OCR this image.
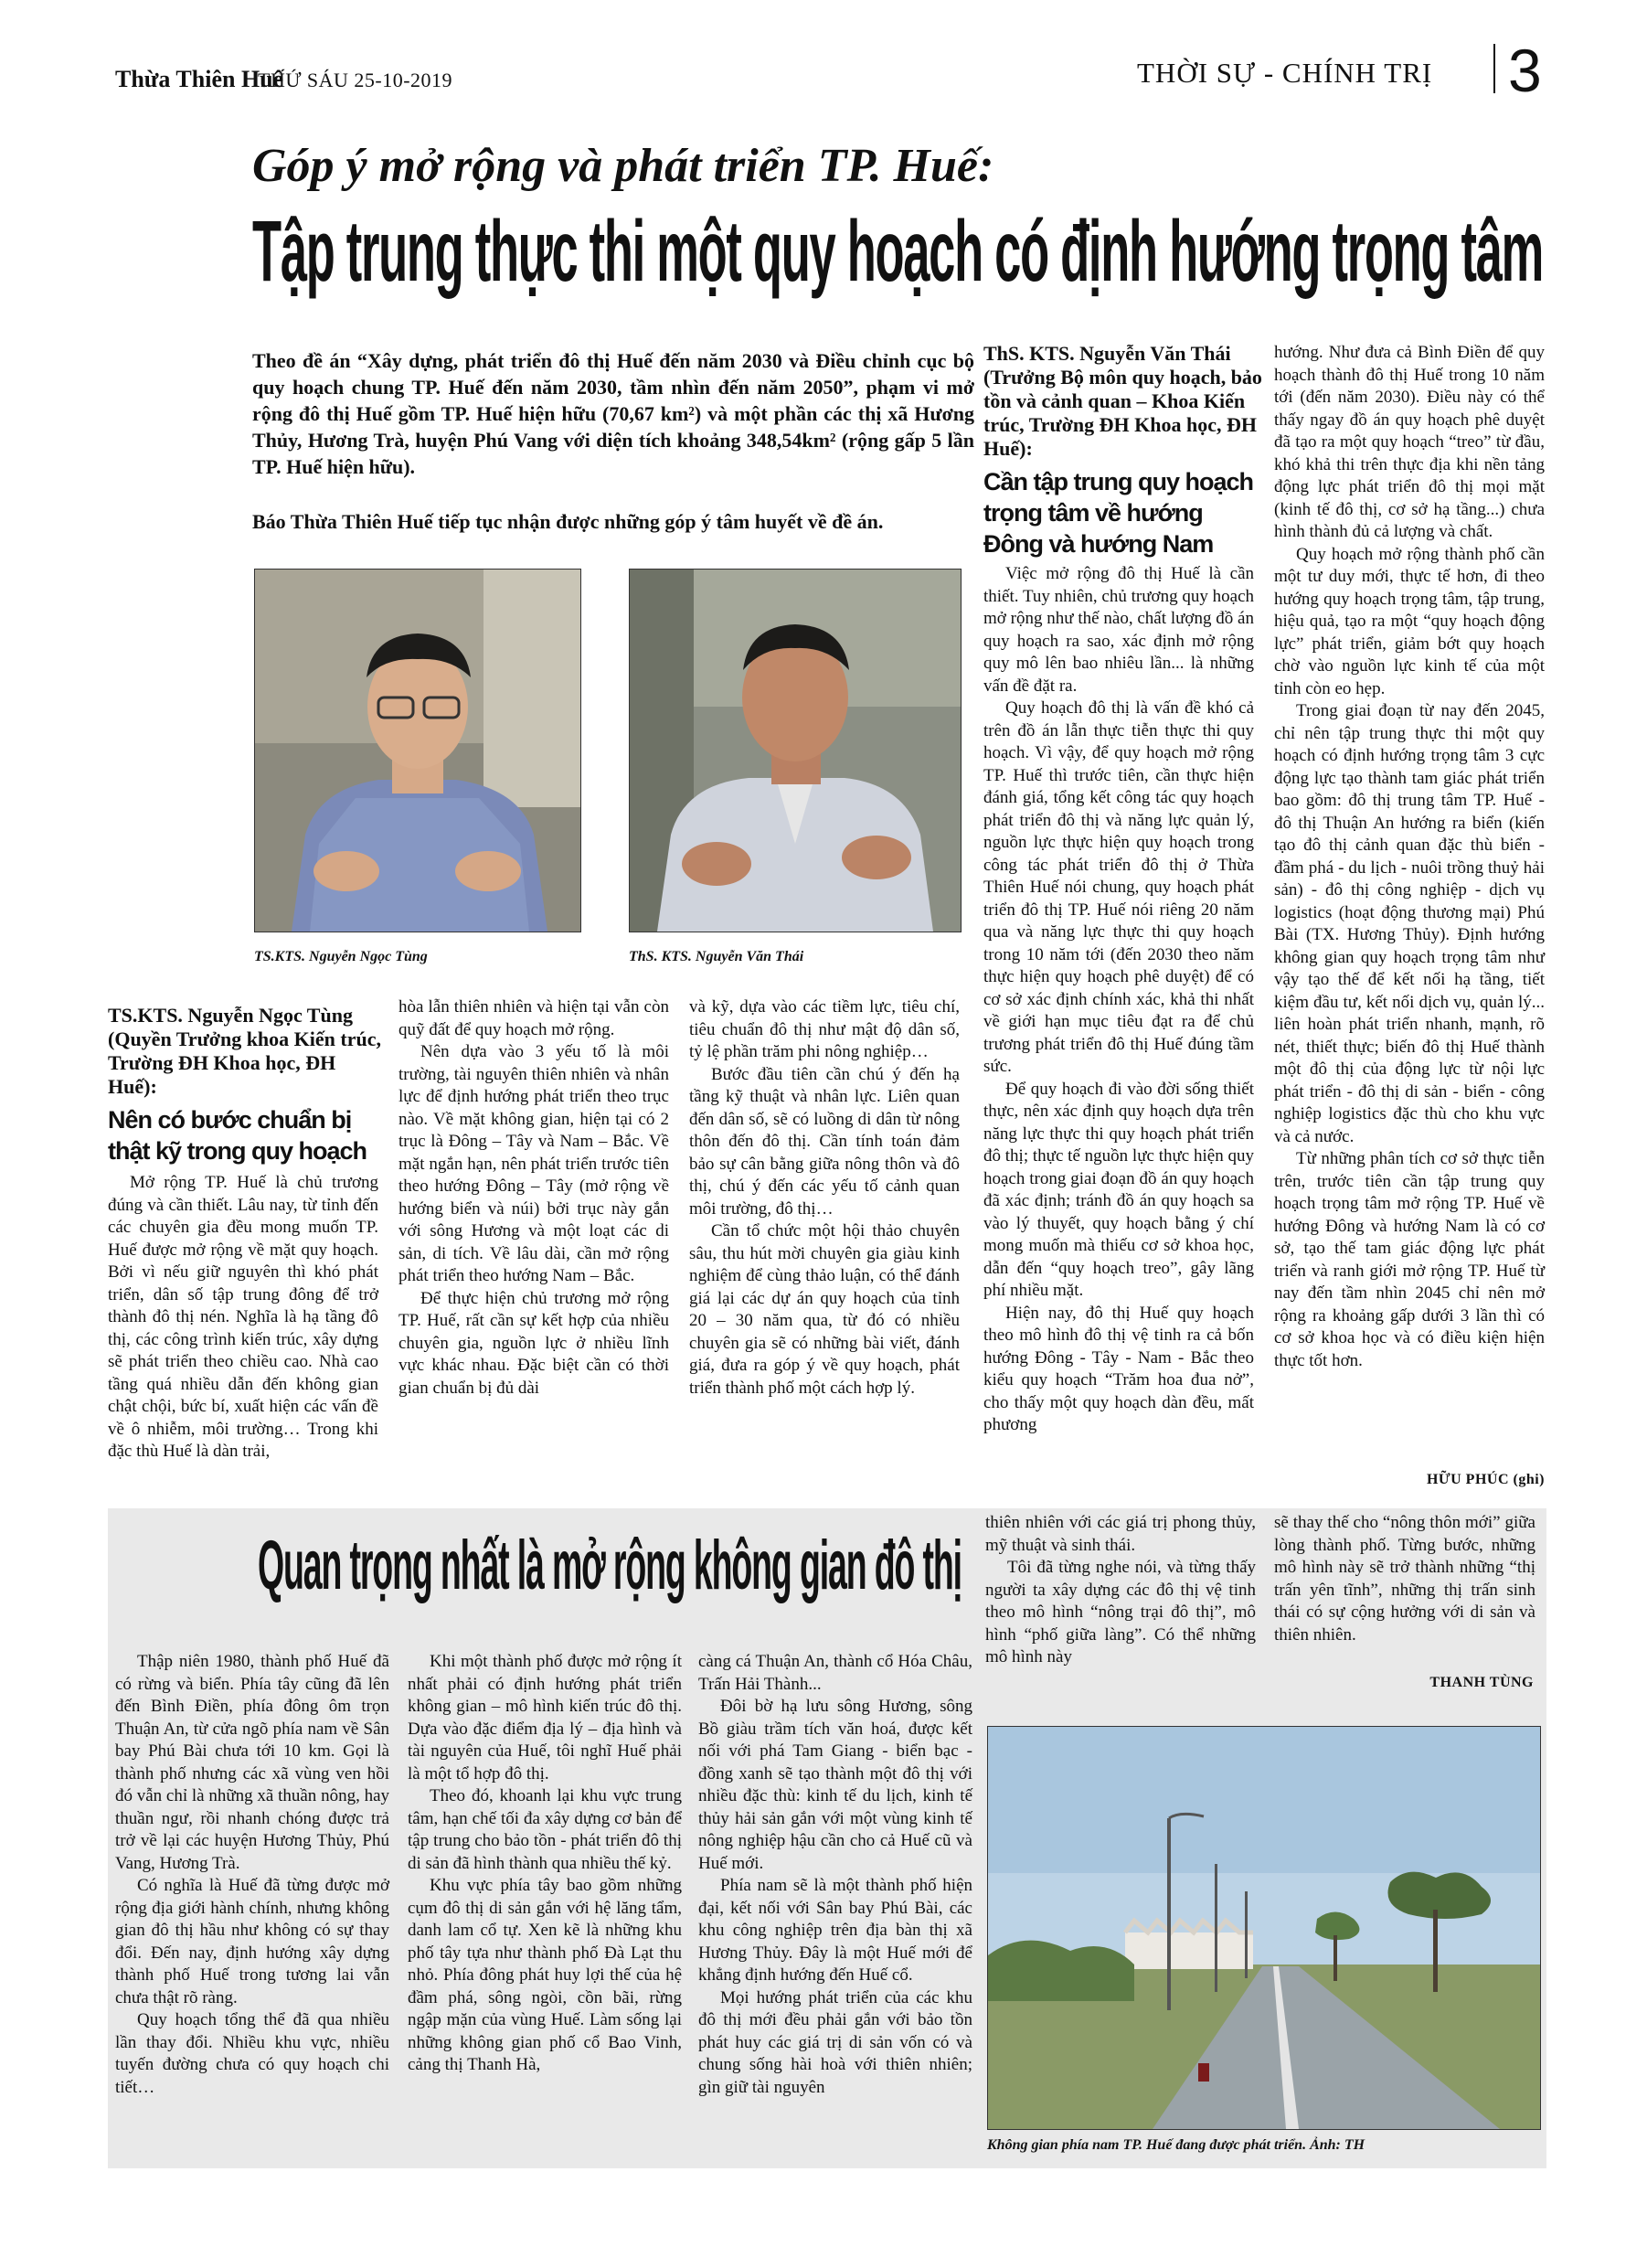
Thừa Thiên Huế
THỨ SÁU 25-10-2019	THỜI SỰ - CHÍNH TRỊ 3
Góp ý mở rộng và phát triển TP. Huế:
Tập trung thực thi một quy hoạch có định hướng trọng tâm
Theo đề án “Xây dựng, phát triển đô thị Huế đến năm 2030 và Điều chỉnh cục bộ quy hoạch chung TP. Huế đến năm 2030, tầm nhìn đến năm 2050”, phạm vi mở rộng đô thị Huế gồm TP. Huế hiện hữu (70,67 km²) và một phần các thị xã Hương Thủy, Hương Trà, huyện Phú Vang với diện tích khoảng 348,54km² (rộng gấp 5 lần TP. Huế hiện hữu).
Báo Thừa Thiên Huế tiếp tục nhận được những góp ý tâm huyết về đề án.
TS.KTS. Nguyễn Ngọc Tùng	ThS. KTS. Nguyễn Văn Thái
TS.KTS. Nguyễn Ngọc Tùng (Quyền Trưởng khoa Kiến trúc, Trường ĐH Khoa học, ĐH Huế):
Nên có bước chuẩn bị thật kỹ trong quy hoạch

Mở rộng TP. Huế là chủ trương đúng và cần thiết. Lâu nay, từ tỉnh đến các chuyên gia đều mong muốn TP. Huế được mở rộng về mặt quy hoạch. Bởi vì nếu giữ nguyên thì khó phát triển, dân số tập trung đông để trở thành đô thị nén. Nghĩa là hạ tầng đô thị, các công trình kiến trúc, xây dựng sẽ phát triển theo chiều cao. Nhà cao tầng quá nhiều dẫn đến không gian chật chội, bức bí, xuất hiện các vấn đề về ô nhiễm, môi trường… Trong khi đặc thù Huế là dàn trải,

hòa lẫn thiên nhiên và hiện tại vẫn còn quỹ đất để quy hoạch mở rộng.

Nên dựa vào 3 yếu tố là môi trường, tài nguyên thiên nhiên và nhân lực để định hướng phát triển theo trục nào. Về mặt không gian, hiện tại có 2 trục là Đông – Tây và Nam – Bắc. Về mặt ngắn hạn, nên phát triển trước tiên theo hướng Đông – Tây (mở rộng về hướng biển và núi) bởi trục này gắn với sông Hương và một loạt các di sản, di tích. Về lâu dài, cần mở rộng phát triển theo hướng Nam – Bắc.

Để thực hiện chủ trương mở rộng TP. Huế, rất cần sự kết hợp của nhiều chuyên gia, nguồn lực ở nhiều lĩnh vực khác nhau. Đặc biệt cần có thời gian chuẩn bị đủ dài

và kỹ, dựa vào các tiềm lực, tiêu chí, tiêu chuẩn đô thị như mật độ dân số, tỷ lệ phần trăm phi nông nghiệp…

Bước đầu tiên cần chú ý đến hạ tầng kỹ thuật và nhân lực. Liên quan đến dân số, sẽ có luồng di dân từ nông thôn đến đô thị. Cần tính toán đảm bảo sự cân bằng giữa nông thôn và đô thị, chú ý đến các yếu tố cảnh quan môi trường, đô thị…

Cần tổ chức một hội thảo chuyên sâu, thu hút mời chuyên gia giàu kinh nghiệm để cùng thảo luận, có thể đánh giá lại các dự án quy hoạch của tỉnh 20 – 30 năm qua, từ đó có nhiều chuyên gia sẽ có những bài viết, đánh giá, đưa ra góp ý về quy hoạch, phát triển thành phố một cách hợp lý.

ThS. KTS. Nguyễn Văn Thái (Trưởng Bộ môn quy hoạch, bảo tồn và cảnh quan – Khoa Kiến trúc, Trường ĐH Khoa học, ĐH Huế):
Cần tập trung quy hoạch trọng tâm về hướng Đông và hướng Nam

Việc mở rộng đô thị Huế là cần thiết. Tuy nhiên, chủ trương quy hoạch mở rộng như thế nào, chất lượng đồ án quy hoạch ra sao, xác định mở rộng quy mô lên bao nhiêu lần... là những vấn đề đặt ra.

Quy hoạch đô thị là vấn đề khó cả trên đồ án lẫn thực tiễn thực thi quy hoạch. Vì vậy, để quy hoạch mở rộng TP. Huế thì trước tiên, cần thực hiện đánh giá, tổng kết công tác quy hoạch phát triển đô thị và năng lực quản lý, nguồn lực thực hiện quy hoạch trong công tác phát triển đô thị ở Thừa Thiên Huế nói chung, quy hoạch phát triển đô thị TP. Huế nói riêng 20 năm qua và năng lực thực thi quy hoạch trong 10 năm tới (đến 2030 theo năm thực hiện quy hoạch phê duyệt) để có cơ sở xác định chính xác, khả thi nhất về giới hạn mục tiêu đạt ra để chủ trương phát triển đô thị Huế đúng tầm sức.

Để quy hoạch đi vào đời sống thiết thực, nên xác định quy hoạch dựa trên năng lực thực thi quy hoạch phát triển đô thị; thực tế nguồn lực thực hiện quy hoạch trong giai đoạn đồ án quy hoạch đã xác định; tránh đồ án quy hoạch sa vào lý thuyết, quy hoạch bằng ý chí mong muốn mà thiếu cơ sở khoa học, dẫn đến “quy hoạch treo”, gây lãng phí nhiều mặt.

Hiện nay, đô thị Huế quy hoạch theo mô hình đô thị vệ tinh ra cả bốn hướng Đông - Tây - Nam - Bắc theo kiểu quy hoạch “Trăm hoa đua nở”, cho thấy một quy hoạch dàn đều, mất phương

hướng. Như đưa cả Bình Điền để quy hoạch thành đô thị Huế trong 10 năm tới (đến năm 2030). Điều này có thể thấy ngay đồ án quy hoạch phê duyệt đã tạo ra một quy hoạch “treo” từ đầu, khó khả thi trên thực địa khi nền tảng động lực phát triển đô thị mọi mặt (kinh tế đô thị, cơ sở hạ tầng...) chưa hình thành đủ cả lượng và chất.

Quy hoạch mở rộng thành phố cần một tư duy mới, thực tế hơn, đi theo hướng quy hoạch trọng tâm, tập trung, hiệu quả, tạo ra một “quy hoạch động lực” phát triển, giảm bớt quy hoạch chờ vào nguồn lực kinh tế của một tỉnh còn eo hẹp.

Trong giai đoạn từ nay đến 2045, chỉ nên tập trung thực thi một quy hoạch có định hướng trọng tâm 3 cực động lực tạo thành tam giác phát triển bao gồm: đô thị trung tâm TP. Huế - đô thị Thuận An hướng ra biển (kiến tạo đô thị cảnh quan đặc thù biển - đầm phá - du lịch - nuôi trồng thuỷ hải sản) - đô thị công nghiệp - dịch vụ logistics (hoạt động thương mại) Phú Bài (TX. Hương Thủy). Định hướng không gian quy hoạch trọng tâm như vậy tạo thế để kết nối hạ tầng, tiết kiệm đầu tư, kết nối dịch vụ, quản lý... liên hoàn phát triển nhanh, mạnh, rõ nét, thiết thực; biến đô thị Huế thành một đô thị của động lực từ nội lực phát triển - đô thị di sản - biển - công nghiệp logistics đặc thù cho khu vực và cả nước.

Từ những phân tích cơ sở thực tiễn trên, trước tiên cần tập trung quy hoạch trọng tâm mở rộng TP. Huế về hướng Đông và hướng Nam là có cơ sở, tạo thế tam giác động lực phát triển và ranh giới mở rộng TP. Huế từ nay đến tầm nhìn 2045 chỉ nên mở rộng ra khoảng gấp dưới 3 lần thì có cơ sở khoa học và có điều kiện hiện thực tốt hơn.

HỮU PHÚC (ghi)
Quan trọng nhất là mở rộng không gian đô thị

Thập niên 1980, thành phố Huế đã có rừng và biển. Phía tây cũng đã lên đến Bình Điền, phía đông ôm trọn Thuận An, từ cửa ngõ phía nam về Sân bay Phú Bài chưa tới 10 km. Gọi là thành phố nhưng các xã vùng ven hồi đó vẫn chỉ là những xã thuần nông, hay thuần ngư, rồi nhanh chóng được trả trở về lại các huyện Hương Thủy, Phú Vang, Hương Trà.

Có nghĩa là Huế đã từng được mở rộng địa giới hành chính, nhưng không gian đô thị hầu như không có sự thay đổi. Đến nay, định hướng xây dựng thành phố Huế trong tương lai vẫn chưa thật rõ ràng.

Quy hoạch tổng thể đã qua nhiều lần thay đổi. Nhiều khu vực, nhiều tuyến đường chưa có quy hoạch chi tiết…

Khi một thành phố được mở rộng ít nhất phải có định hướng phát triển không gian – mô hình kiến trúc đô thị. Dựa vào đặc điểm địa lý – địa hình và tài nguyên của Huế, tôi nghĩ Huế phải là một tổ hợp đô thị.

Theo đó, khoanh lại khu vực trung tâm, hạn chế tối đa xây dựng cơ bản để tập trung cho bảo tồn - phát triển đô thị di sản đã hình thành qua nhiều thế kỷ.

Khu vực phía tây bao gồm những cụm đô thị di sản gắn với hệ lăng tẩm, danh lam cổ tự. Xen kẽ là những khu phố tây tựa như thành phố Đà Lạt thu nhỏ. Phía đông phát huy lợi thế của hệ đầm phá, sông ngòi, cồn bãi, rừng ngập mặn của vùng Huế. Làm sống lại những không gian phố cổ Bao Vinh, cảng thị Thanh Hà,

càng cá Thuận An, thành cổ Hóa Châu, Trấn Hải Thành...

Đôi bờ hạ lưu sông Hương, sông Bồ giàu trầm tích văn hoá, được kết nối với phá Tam Giang - biển bạc - đồng xanh sẽ tạo thành một đô thị với nhiều đặc thù: kinh tế du lịch, kinh tế thủy hải sản gắn với một vùng kinh tế nông nghiệp hậu cần cho cả Huế cũ và Huế mới.

Phía nam sẽ là một thành phố hiện đại, kết nối với Sân bay Phú Bài, các khu công nghiệp trên địa bàn thị xã Hương Thủy. Đây là một Huế mới để khẳng định hướng đến Huế cổ.

Mọi hướng phát triển của các khu đô thị mới đều phải gắn với bảo tồn phát huy các giá trị di sản vốn có và chung sống hài hoà với thiên nhiên; gìn giữ tài nguyên

thiên nhiên với các giá trị phong thủy, mỹ thuật và sinh thái.

Tôi đã từng nghe nói, và từng thấy người ta xây dựng các đô thị vệ tinh theo mô hình “nông trại đô thị”, mô hình “phố giữa làng”. Có thể những mô hình này

sẽ thay thế cho “nông thôn mới” giữa lòng thành phố. Từng bước, những mô hình này sẽ trở thành những “thị trấn yên tĩnh”, những thị trấn sinh thái có sự cộng hưởng với di sản và thiên nhiên.

THANH TÙNG
Không gian phía nam TP. Huế đang được phát triển. Ảnh: TH
